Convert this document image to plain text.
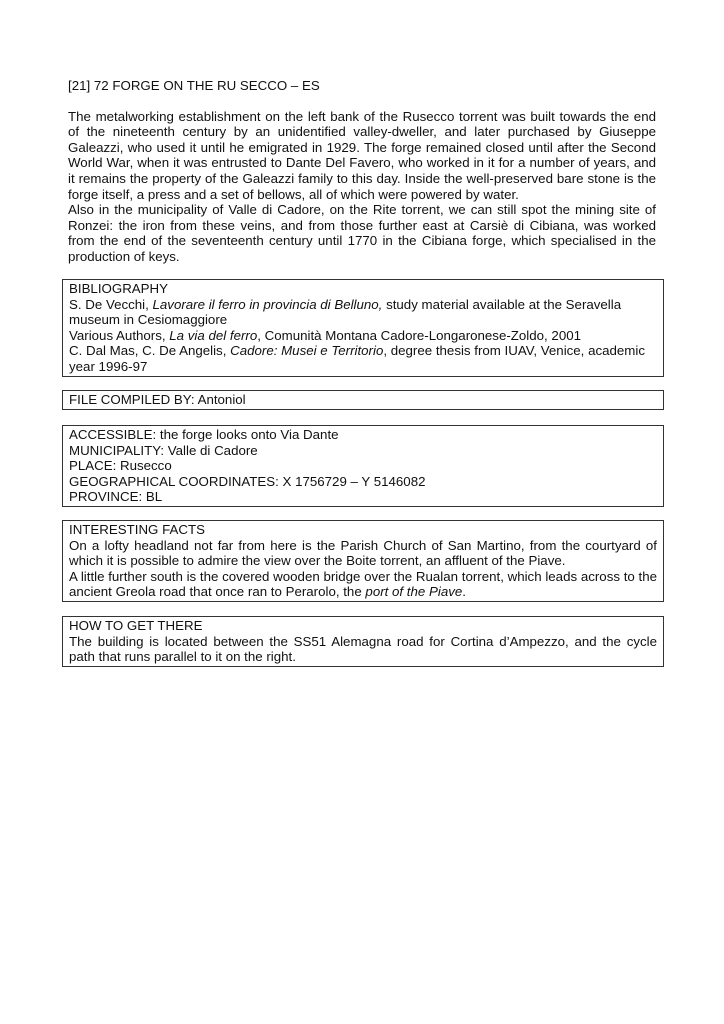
[21] 72 FORGE ON THE RU SECCO – ES

The metalworking establishment on the left bank of the Rusecco torrent was built towards the end of the nineteenth century by an unidentified valley-dweller, and later purchased by Giuseppe Galeazzi, who used it until he emigrated in 1929. The forge remained closed until after the Second World War, when it was entrusted to Dante Del Favero, who worked in it for a number of years, and it remains the property of the Galeazzi family to this day. Inside the well-preserved bare stone is the forge itself, a press and a set of bellows, all of which were powered by water.

Also in the municipality of Valle di Cadore, on the Rite torrent, we can still spot the mining site of Ronzei: the iron from these veins, and from those further east at Carsiè di Cibiana, was worked from the end of the seventeenth century until 1770 in the Cibiana forge, which specialised in the production of keys.

BIBLIOGRAPHY
S. De Vecchi, Lavorare il ferro in provincia di Belluno, study material available at the Seravella museum in Cesiomaggiore
Various Authors, La via del ferro, Comunità Montana Cadore-Longaronese-Zoldo, 2001
C. Dal Mas, C. De Angelis, Cadore: Musei e Territorio, degree thesis from IUAV, Venice, academic year 1996-97
FILE COMPILED BY: Antoniol
ACCESSIBLE: the forge looks onto Via Dante
MUNICIPALITY: Valle di Cadore
PLACE: Rusecco
GEOGRAPHICAL COORDINATES: X 1756729 – Y 5146082
PROVINCE: BL
INTERESTING FACTS
On a lofty headland not far from here is the Parish Church of San Martino, from the courtyard of which it is possible to admire the view over the Boite torrent, an affluent of the Piave.
A little further south is the covered wooden bridge over the Rualan torrent, which leads across to the ancient Greola road that once ran to Perarolo, the port of the Piave.
HOW TO GET THERE
The building is located between the SS51 Alemagna road for Cortina d’Ampezzo, and the cycle path that runs parallel to it on the right.
